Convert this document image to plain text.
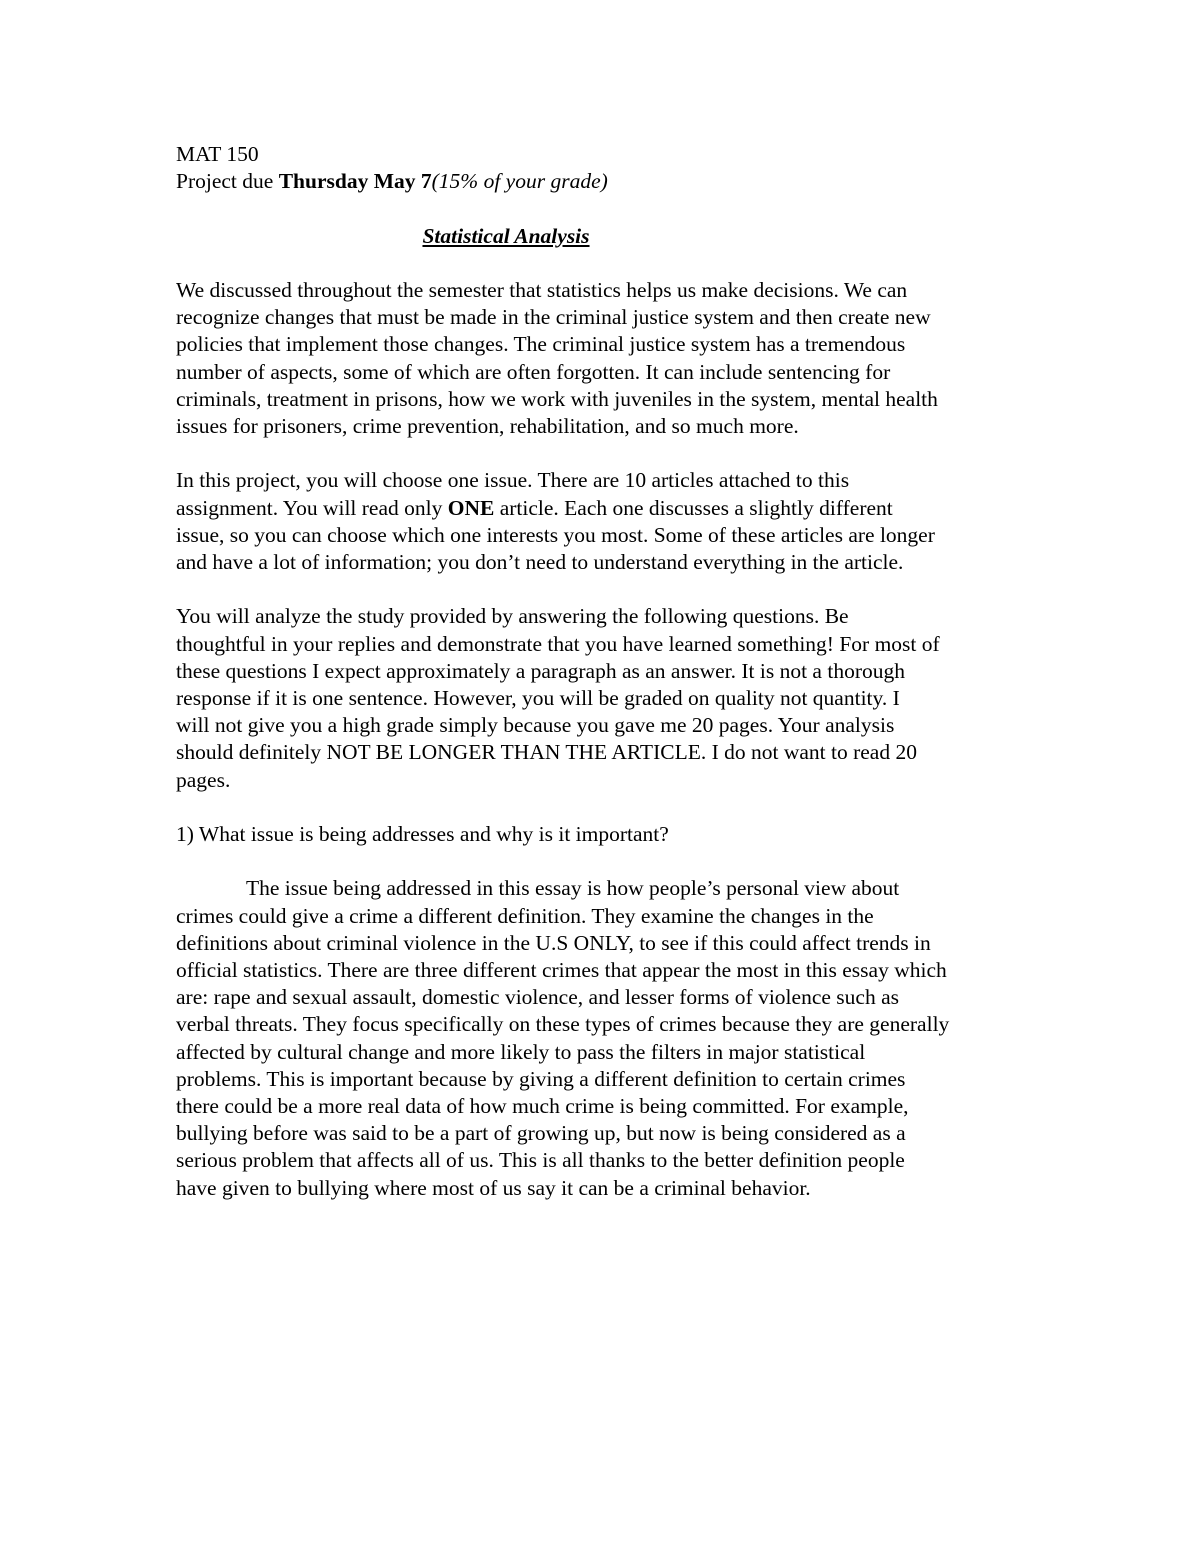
MAT 150
Project due Thursday May 7(15% of your grade)
Statistical Analysis

We discussed throughout the semester that statistics helps us make decisions. We can

recognize changes that must be made in the criminal justice system and then create new

policies that implement those changes. The criminal justice system has a tremendous

number of aspects, some of which are often forgotten. It can include sentencing for

criminals, treatment in prisons, how we work with juveniles in the system, mental health

issues for prisoners, crime prevention, rehabilitation, and so much more.

In this project, you will choose one issue. There are 10 articles attached to this

assignment. You will read only ONE article. Each one discusses a slightly different

issue, so you can choose which one interests you most. Some of these articles are longer

and have a lot of information; you don’t need to understand everything in the article.

You will analyze the study provided by answering the following questions. Be

thoughtful in your replies and demonstrate that you have learned something! For most of

these questions I expect approximately a paragraph as an answer. It is not a thorough

response if it is one sentence. However, you will be graded on quality not quantity. I

will not give you a high grade simply because you gave me 20 pages. Your analysis

should definitely NOT BE LONGER THAN THE ARTICLE. I do not want to read 20

pages.

1) What issue is being addresses and why is it important?

The issue being addressed in this essay is how people’s personal view about

crimes could give a crime a different definition. They examine the changes in the

definitions about criminal violence in the U.S ONLY, to see if this could affect trends in

official statistics. There are three different crimes that appear the most in this essay which

are: rape and sexual assault, domestic violence, and lesser forms of violence such as

verbal threats. They focus specifically on these types of crimes because they are generally

affected by cultural change and more likely to pass the filters in major statistical

problems. This is important because by giving a different definition to certain crimes

there could be a more real data of how much crime is being committed. For example,

bullying before was said to be a part of growing up, but now is being considered as a

serious problem that affects all of us. This is all thanks to the better definition people

have given to bullying where most of us say it can be a criminal behavior.
